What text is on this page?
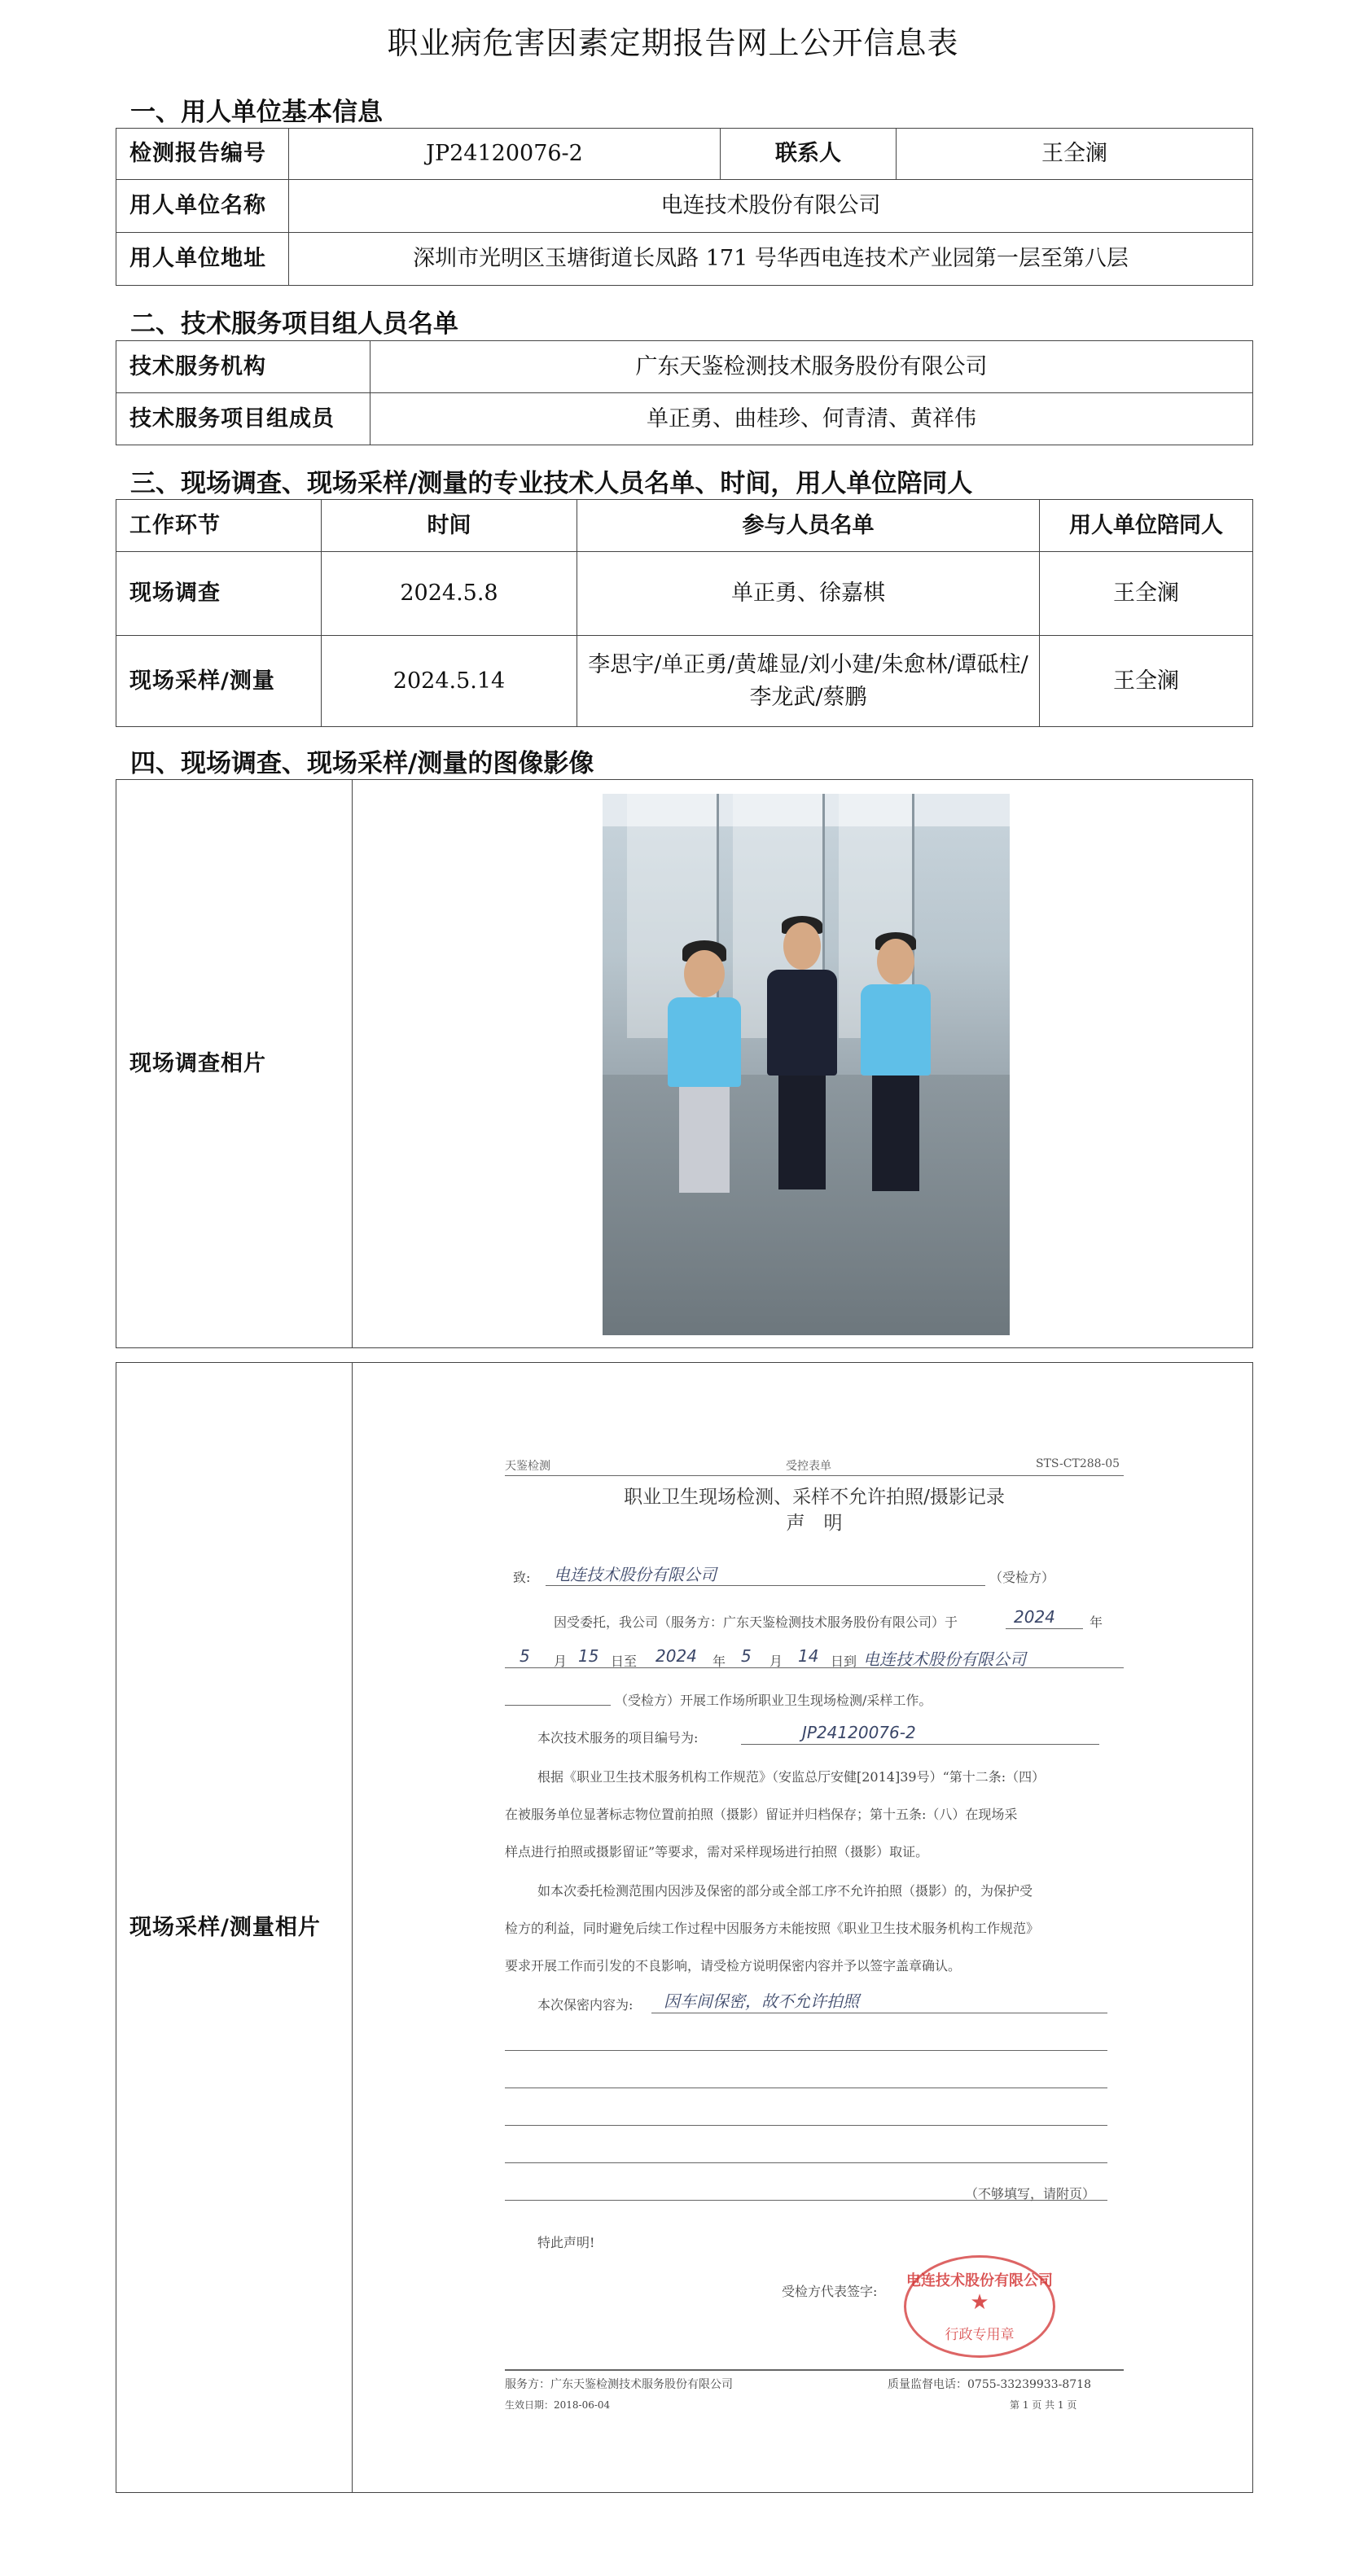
职业病危害因素定期报告网上公开信息表
一、用人单位基本信息
检测报告编号	JP24120076-2	联系人	王全澜
用人单位名称	电连技术股份有限公司		
用人单位地址	深圳市光明区玉塘街道长凤路 171 号华西电连技术产业园第一层至第八层		
二、技术服务项目组人员名单
技术服务机构	广东天鉴检测技术服务股份有限公司
技术服务项目组成员	单正勇、曲桂珍、何青清、黄祥伟
三、现场调查、现场采样/测量的专业技术人员名单、时间，用人单位陪同人
工作环节	时间	参与人员名单	用人单位陪同人
现场调查	2024.5.8	单正勇、徐嘉棋	王全澜
现场采样/测量	2024.5.14	李思宇/单正勇/黄雄显/刘小建/朱愈林/谭砥柱/李龙武/蔡鹏	王全澜
四、现场调查、现场采样/测量的图像影像
现场调查相片	
现场采样/测量相片	
天鉴检测	受控表单	STS-CT288-05
职业卫生现场检测、采样不允许拍照/摄影记录
声　明
致: 电连技术股份有限公司	（受检方）
因受委托，我公司（服务方：广东天鉴检测技术服务股份有限公司）于	2024	年
5 月 15 日至 2024 年 5 月 14 日到 电连技术股份有限公司
（受检方）开展工作场所职业卫生现场检测/采样工作。
本次技术服务的项目编号为:	JP24120076-2
根据《职业卫生技术服务机构工作规范》（安监总厅安健[2014]39号）“第十二条:（四）
在被服务单位显著标志物位置前拍照（摄影）留证并归档保存；第十五条:（八）在现场采
样点进行拍照或摄影留证”等要求，需对采样现场进行拍照（摄影）取证。
如本次委托检测范围内因涉及保密的部分或全部工序不允许拍照（摄影）的，为保护受
检方的利益，同时避免后续工作过程中因服务方未能按照《职业卫生技术服务机构工作规范》
要求开展工作而引发的不良影响，请受检方说明保密内容并予以签字盖章确认。
本次保密内容为: 因车间保密，故不允许拍照
（不够填写，请附页）
特此声明!
受检方代表签字:
电连技术股份有限公司
★
行政专用章
服务方：广东天鉴检测技术服务股份有限公司	质量监督电话：0755-33239933-8718
生效日期：2018-06-04	第 1 页 共 1 页
